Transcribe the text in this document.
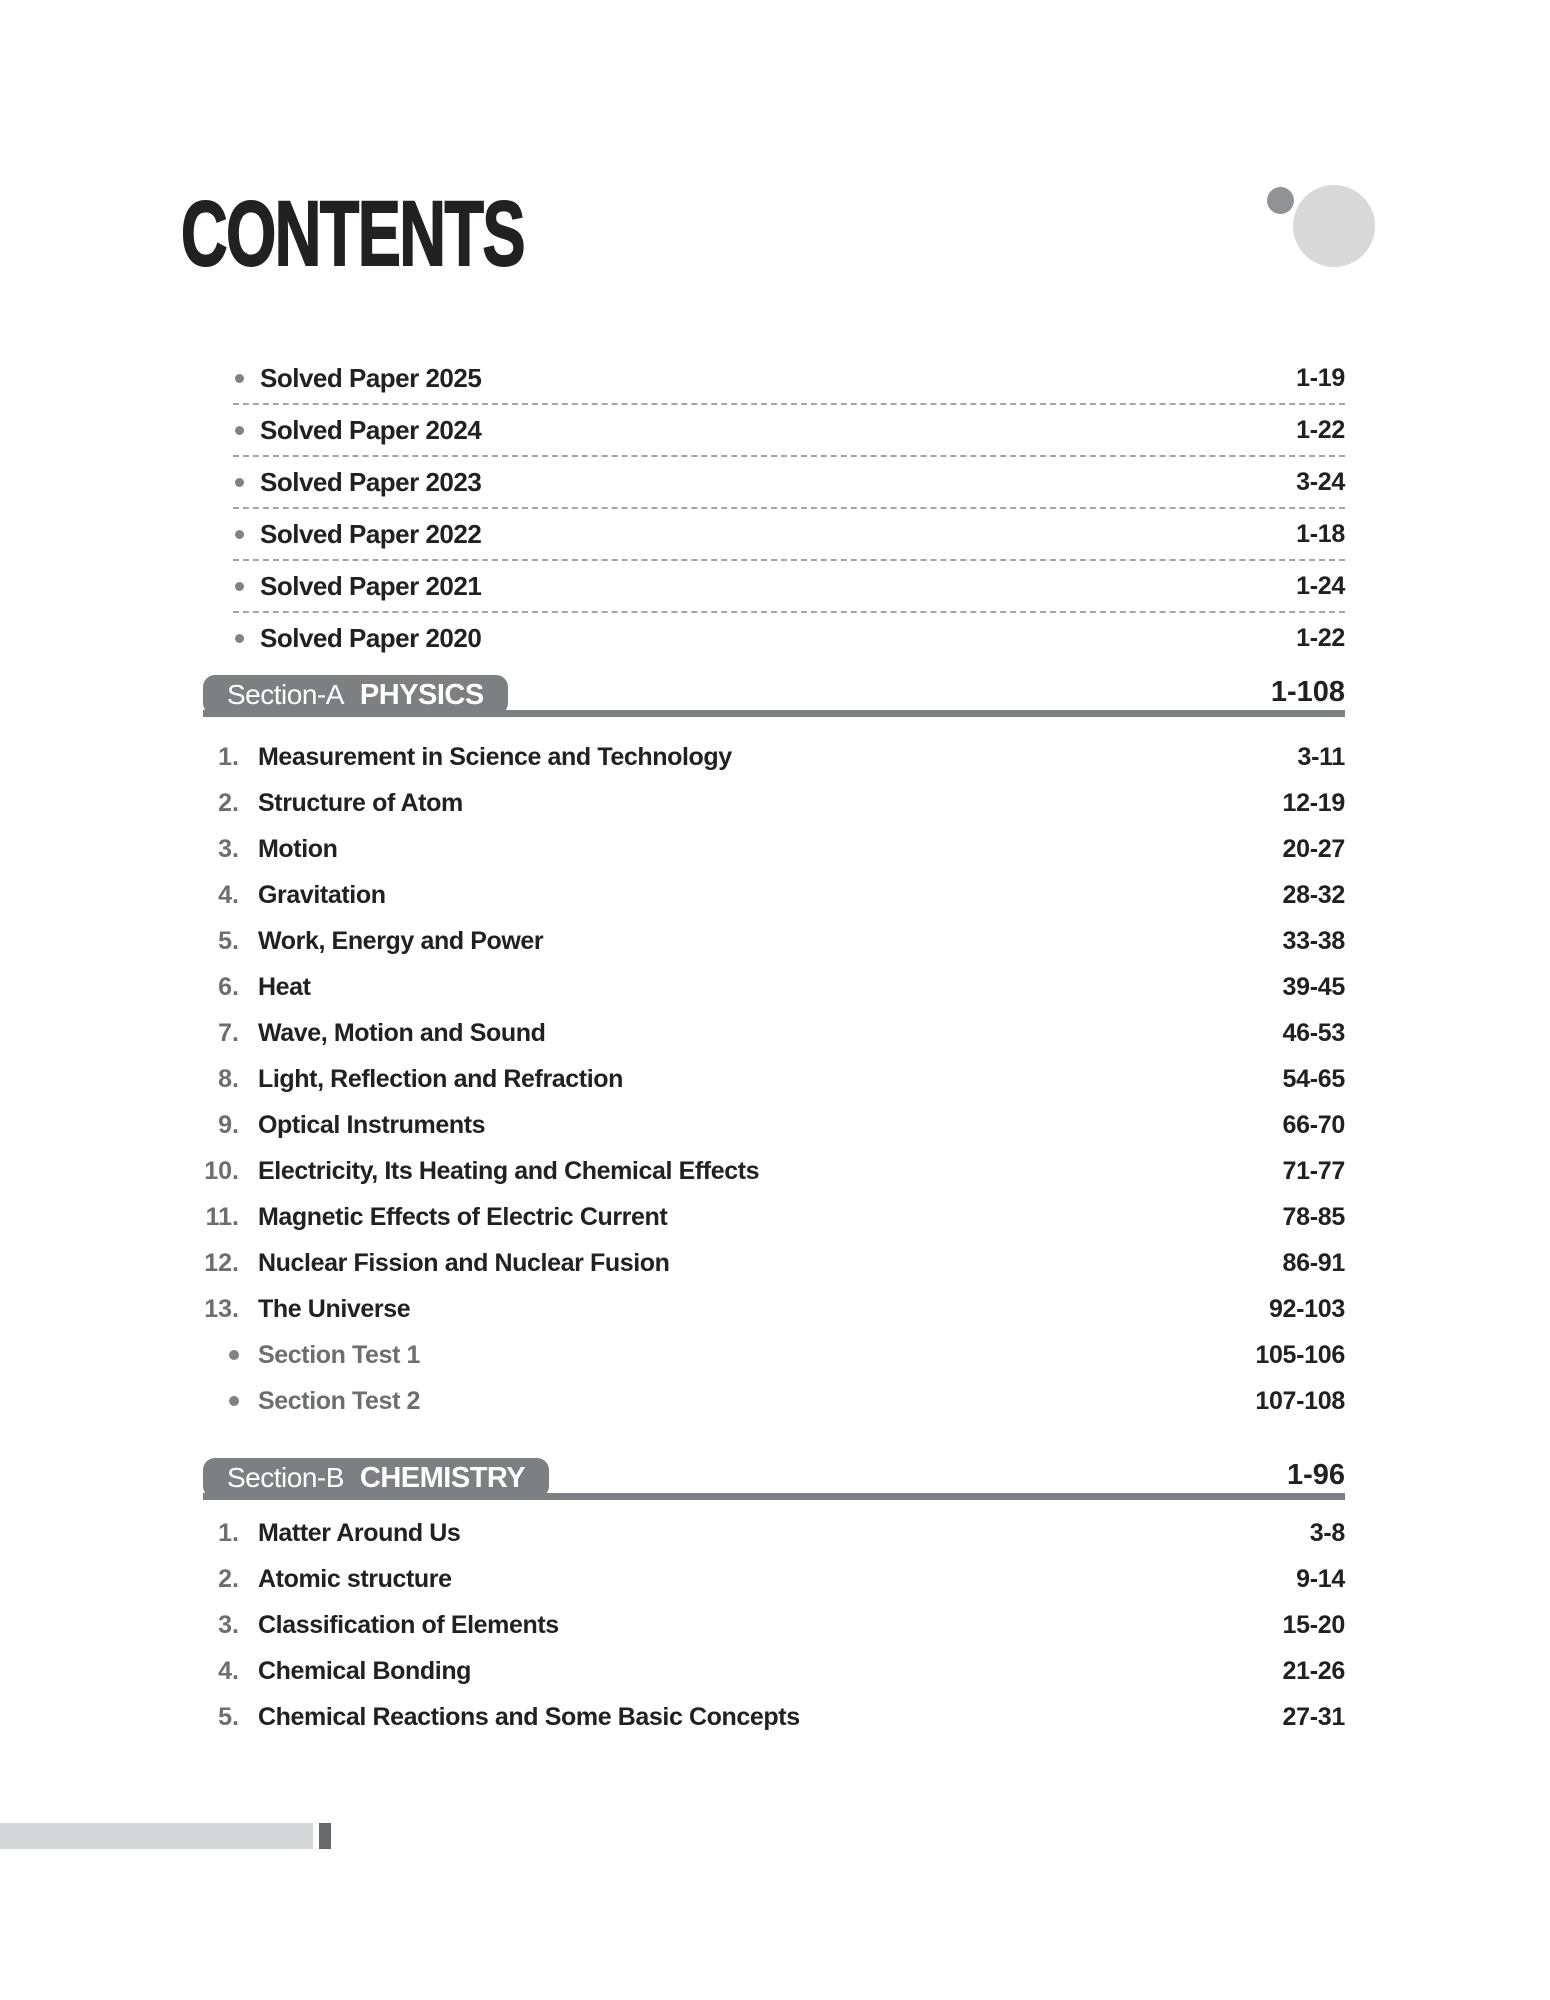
CONTENTS
Solved Paper 2025	1-19
Solved Paper 2024	1-22
Solved Paper 2023	3-24
Solved Paper 2022	1-18
Solved Paper 2021	1-24
Solved Paper 2020	1-22
Section-A PHYSICS	1-108
1. Measurement in Science and Technology	3-11
2. Structure of Atom	12-19
3. Motion	20-27
4. Gravitation	28-32
5. Work, Energy and Power	33-38
6. Heat	39-45
7. Wave, Motion and Sound	46-53
8. Light, Reflection and Refraction	54-65
9. Optical Instruments	66-70
10. Electricity, Its Heating and Chemical Effects	71-77
11. Magnetic Effects of Electric Current	78-85
12. Nuclear Fission and Nuclear Fusion	86-91
13. The Universe	92-103
Section Test 1	105-106
Section Test 2	107-108
Section-B CHEMISTRY	1-96
1. Matter Around Us	3-8
2. Atomic structure	9-14
3. Classification of Elements	15-20
4. Chemical Bonding	21-26
5. Chemical Reactions and Some Basic Concepts	27-31
